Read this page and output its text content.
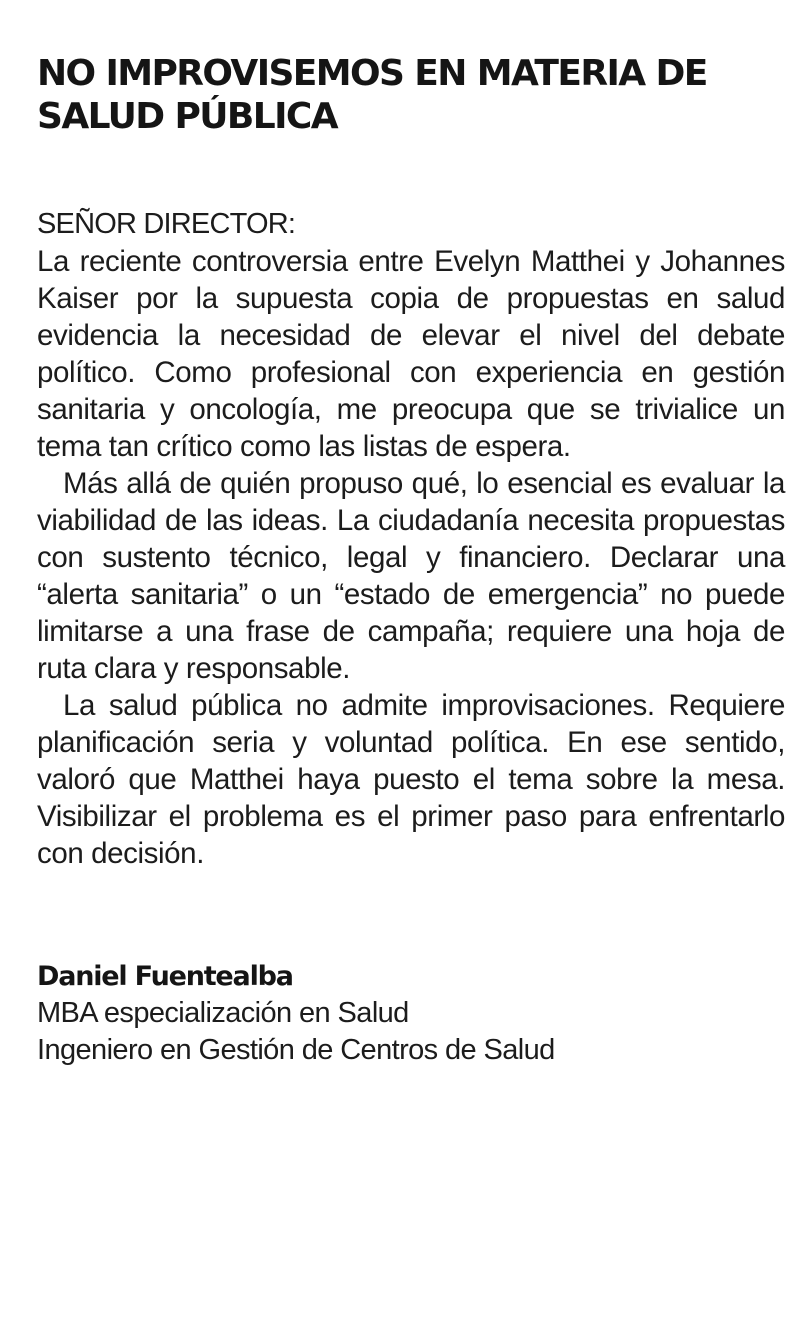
NO IMPROVISEMOS EN MATERIA DE
SALUD PÚBLICA

SEÑOR DIRECTOR:

La reciente controversia entre Evelyn Matthei y Johannes Kaiser por la supuesta copia de propuestas en salud evidencia la necesidad de elevar el nivel del debate político. Como profesional con experiencia en gestión sanitaria y oncología, me preocupa que se trivialice un tema tan crítico como las listas de espera.

Más allá de quién propuso qué, lo esencial es evaluar la viabilidad de las ideas. La ciudadanía necesita propuestas con sustento técnico, legal y financiero. Declarar una “alerta sanitaria” o un “estado de emergencia” no puede limitarse a una frase de campaña; requiere una hoja de ruta clara y responsable.

La salud pública no admite improvisaciones. Requiere planificación seria y voluntad política. En ese sentido, valoró que Matthei haya puesto el tema sobre la mesa. Visibilizar el problema es el primer paso para enfrentarlo con decisión.

Daniel Fuentealba

MBA especialización en Salud

Ingeniero en Gestión de Centros de Salud
